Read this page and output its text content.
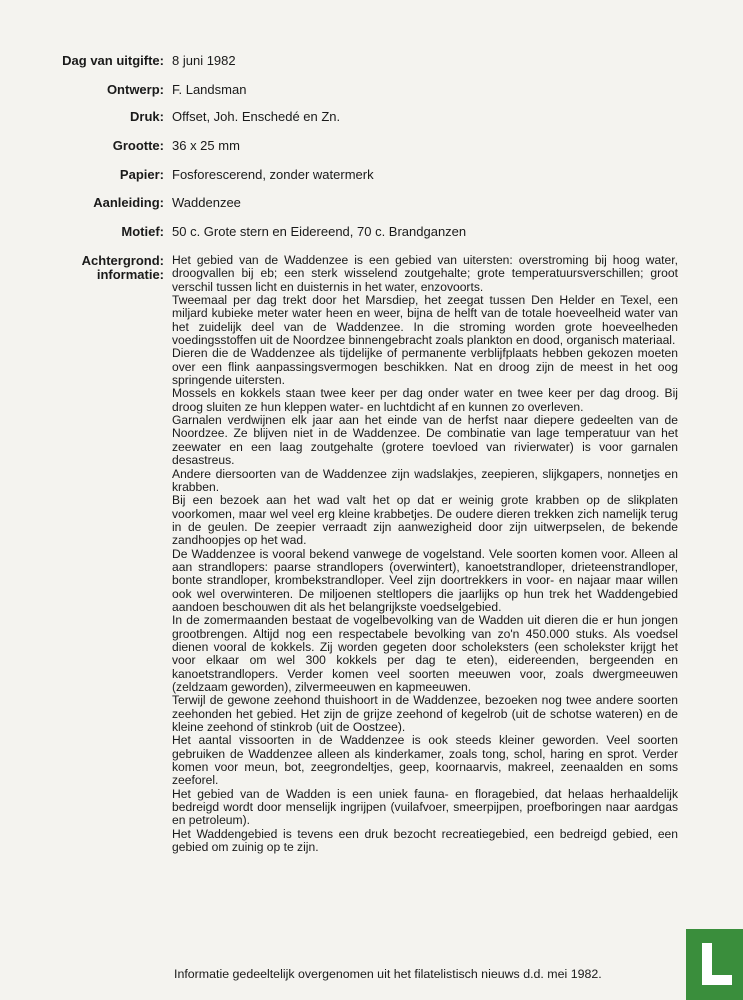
Dag van uitgifte: 8 juni 1982
Ontwerp: F. Landsman
Druk: Offset, Joh. Enschedé en Zn.
Grootte: 36 x 25 mm
Papier: Fosforescerend, zonder watermerk
Aanleiding: Waddenzee
Motief: 50 c. Grote stern en Eidereend, 70 c. Brandganzen
Achtergrond:
informatie:

Het gebied van de Waddenzee is een gebied van uitersten: overstroming bij hoog water, droogvallen bij eb; een sterk wisselend zoutgehalte; grote temperatuursverschillen; groot verschil tussen licht en duisternis in het water, enzovoorts.

Tweemaal per dag trekt door het Marsdiep, het zeegat tussen Den Helder en Texel, een miljard kubieke meter water heen en weer, bijna de helft van de totale hoeveelheid water van het zuidelijk deel van de Waddenzee. In die stroming worden grote hoeveelheden voedingsstoffen uit de Noordzee binnengebracht zoals plankton en dood, organisch materiaal.

Dieren die de Waddenzee als tijdelijke of permanente verblijfplaats hebben gekozen moeten over een flink aanpassingsvermogen beschikken. Nat en droog zijn de meest in het oog springende uitersten.

Mossels en kokkels staan twee keer per dag onder water en twee keer per dag droog. Bij droog sluiten ze hun kleppen water- en luchtdicht af en kunnen zo overleven.

Garnalen verdwijnen elk jaar aan het einde van de herfst naar diepere gedeelten van de Noordzee. Ze blijven niet in de Waddenzee. De combinatie van lage temperatuur van het zeewater en een laag zoutgehalte (grotere toevloed van rivierwater) is voor garnalen desastreus.

Andere diersoorten van de Waddenzee zijn wadslakjes, zeepieren, slijkgapers, nonnetjes en krabben.

Bij een bezoek aan het wad valt het op dat er weinig grote krabben op de slikplaten voorkomen, maar wel veel erg kleine krabbetjes. De oudere dieren trekken zich namelijk terug in de geulen. De zeepier verraadt zijn aanwezigheid door zijn uitwerpselen, de bekende zandhoopjes op het wad.

De Waddenzee is vooral bekend vanwege de vogelstand. Vele soorten komen voor. Alleen al aan strandlopers: paarse strandlopers (overwintert), kanoetstrandloper, drieteenstrandloper, bonte strandloper, krombekstrandloper. Veel zijn doortrekkers in voor- en najaar maar willen ook wel overwinteren. De miljoenen steltlopers die jaarlijks op hun trek het Waddengebied aandoen beschouwen dit als het belangrijkste voedselgebied.

In de zomermaanden bestaat de vogelbevolking van de Wadden uit dieren die er hun jongen grootbrengen. Altijd nog een respectabele bevolking van zo'n 450.000 stuks. Als voedsel dienen vooral de kokkels. Zij worden gegeten door scholeksters (een scholekster krijgt het voor elkaar om wel 300 kokkels per dag te eten), eidereenden, bergeenden en kanoetstrandlopers. Verder komen veel soorten meeuwen voor, zoals dwergmeeuwen (zeldzaam geworden), zilvermeeuwen en kapmeeuwen.

Terwijl de gewone zeehond thuishoort in de Waddenzee, bezoeken nog twee andere soorten zeehonden het gebied. Het zijn de grijze zeehond of kegelrob (uit de schotse wateren) en de kleine zeehond of stinkrob (uit de Oostzee).

Het aantal vissoorten in de Waddenzee is ook steeds kleiner geworden. Veel soorten gebruiken de Waddenzee alleen als kinderkamer, zoals tong, schol, haring en sprot. Verder komen voor meun, bot, zeegrondeltjes, geep, koornaarvis, makreel, zeenaalden en soms zeeforel.

Het gebied van de Wadden is een uniek fauna- en floragebied, dat helaas herhaaldelijk bedreigd wordt door menselijk ingrijpen (vuilafvoer, smeerpijpen, proefboringen naar aardgas en petroleum).

Het Waddengebied is tevens een druk bezocht recreatiegebied, een bedreigd gebied, een gebied om zuinig op te zijn.

Informatie gedeeltelijk overgenomen uit het filatelistisch nieuws d.d. mei 1982.
